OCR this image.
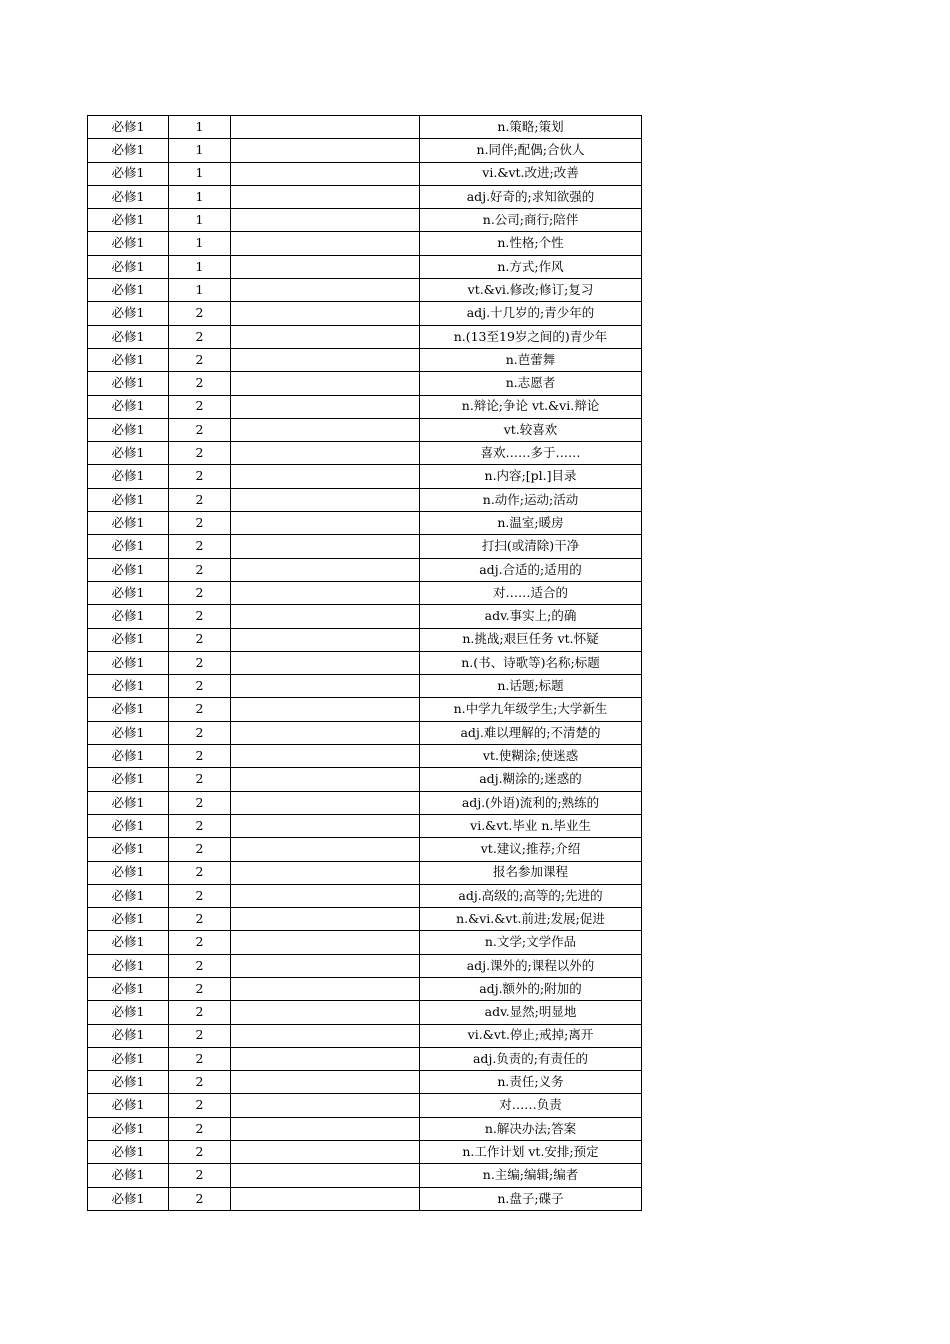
必修1	1		n.策略;策划
必修1	1		n.同伴;配偶;合伙人
必修1	1		vi.&vt.改进;改善
必修1	1		adj.好奇的;求知欲强的
必修1	1		n.公司;商行;陪伴
必修1	1		n.性格;个性
必修1	1		n.方式;作风
必修1	1		vt.&vi.修改;修订;复习
必修1	2		adj.十几岁的;青少年的
必修1	2		n.(13至19岁之间的)青少年
必修1	2		n.芭蕾舞
必修1	2		n.志愿者
必修1	2		n.辩论;争论 vt.&vi.辩论
必修1	2		vt.较喜欢
必修1	2		喜欢……多于……
必修1	2		n.内容;[pl.]目录
必修1	2		n.动作;运动;活动
必修1	2		n.温室;暖房
必修1	2		打扫(或清除)干净
必修1	2		adj.合适的;适用的
必修1	2		对……适合的
必修1	2		adv.事实上;的确
必修1	2		n.挑战;艰巨任务 vt.怀疑
必修1	2		n.(书、诗歌等)名称;标题
必修1	2		n.话题;标题
必修1	2		n.中学九年级学生;大学新生
必修1	2		adj.难以理解的;不清楚的
必修1	2		vt.使糊涂;使迷惑
必修1	2		adj.糊涂的;迷惑的
必修1	2		adj.(外语)流利的;熟练的
必修1	2		vi.&vt.毕业 n.毕业生
必修1	2		vt.建议;推荐;介绍
必修1	2		报名参加课程
必修1	2		adj.高级的;高等的;先进的
必修1	2		n.&vi.&vt.前进;发展;促进
必修1	2		n.文学;文学作品
必修1	2		adj.课外的;课程以外的
必修1	2		adj.额外的;附加的
必修1	2		adv.显然;明显地
必修1	2		vi.&vt.停止;戒掉;离开
必修1	2		adj.负责的;有责任的
必修1	2		n.责任;义务
必修1	2		对……负责
必修1	2		n.解决办法;答案
必修1	2		n.工作计划 vt.安排;预定
必修1	2		n.主编;编辑;编者
必修1	2		n.盘子;碟子
